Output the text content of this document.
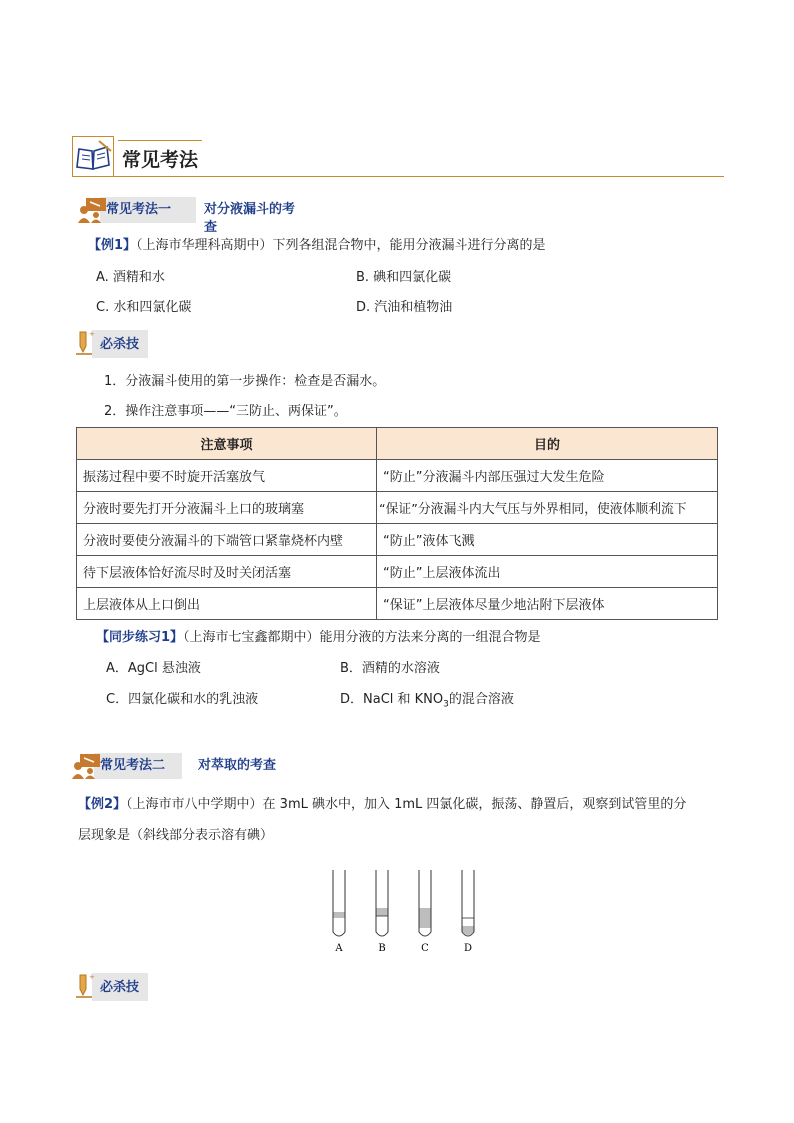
常见考法
常见考法一	对分液漏斗的考查
【例1】（上海市华理科高期中）下列各组混合物中，能用分液漏斗进行分离的是
A. 酒精和水	B. 碘和四氯化碳
C. 水和四氯化碳	D. 汽油和植物油
+
必杀技
1．分液漏斗使用的第一步操作：检查是否漏水。
2．操作注意事项——“三防止、两保证”。
注意事项	目的
振荡过程中要不时旋开活塞放气	“防止”分液漏斗内部压强过大发生危险
分液时要先打开分液漏斗上口的玻璃塞	“保证”分液漏斗内大气压与外界相同，使液体顺利流下
分液时要使分液漏斗的下端管口紧靠烧杯内壁	“防止”液体飞溅
待下层液体恰好流尽时及时关闭活塞	“防止”上层液体流出
上层液体从上口倒出	“保证”上层液体尽量少地沾附下层液体
【同步练习1】（上海市七宝鑫都期中）能用分液的方法来分离的一组混合物是
A．AgCl 悬浊液	B．酒精的水溶液
C．四氯化碳和水的乳浊液	D．NaCl 和 $KNO_3$的混合溶液
常见考法二	对萃取的考查
【例2】（上海市市八中学期中）在 3mL 碘水中，加入 1mL 四氯化碳，振荡、静置后，观察到试管里的分
层现象是（斜线部分表示溶有碘）
A	B	C	D
+
必杀技
